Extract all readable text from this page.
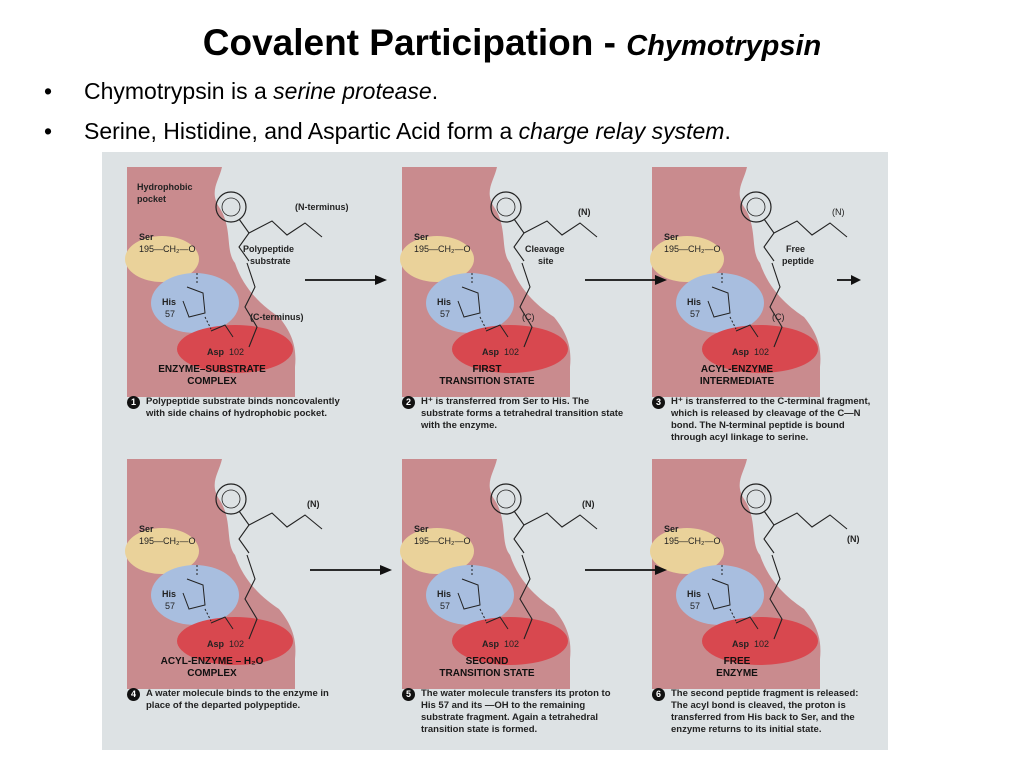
Covalent Participation - Chymotrypsin
• Chymotrypsin is a serine protease.
• Serine, Histidine, and Aspartic Acid form a charge relay system.
Hydrophobic
pocket
(N-terminus)
Polypeptide
substrate
Ser
195—CH₂—O
His
57	(C-terminus)
Asp 102
Ser
195—CH₂—O	Cleavage
site
(N)
His
57	(C)
Asp 102
Ser
195—CH₂—O	Free
peptide
(N)
His
57	(C)
Asp 102
Ser
195—CH₂—O
(N)
His
57
Asp 102
Ser
195—CH₂—O
(N)
His
57
Asp 102
Ser
195—CH₂—O	(N)
His
57
Asp 102
ENZYME–SUBSTRATE
COMPLEX
FIRST
TRANSITION STATE
ACYL-ENZYME
INTERMEDIATE
ACYL-ENZYME – H₂O
COMPLEX
SECOND
TRANSITION STATE
FREE
ENZYME
1 Polypeptide substrate binds noncovalently with side chains of hydrophobic pocket.
2 H⁺ is transferred from Ser to His. The substrate forms a tetrahedral transition state with the enzyme.
3 H⁺ is transferred to the C-terminal fragment, which is released by cleavage of the C—N bond. The N-terminal peptide is bound through acyl linkage to serine.
4 A water molecule binds to the enzyme in place of the departed polypeptide.
5 The water molecule transfers its proton to His 57 and its —OH to the remaining substrate fragment. Again a tetrahedral transition state is formed.
6 The second peptide fragment is released: The acyl bond is cleaved, the proton is transferred from His back to Ser, and the enzyme returns to its initial state.
